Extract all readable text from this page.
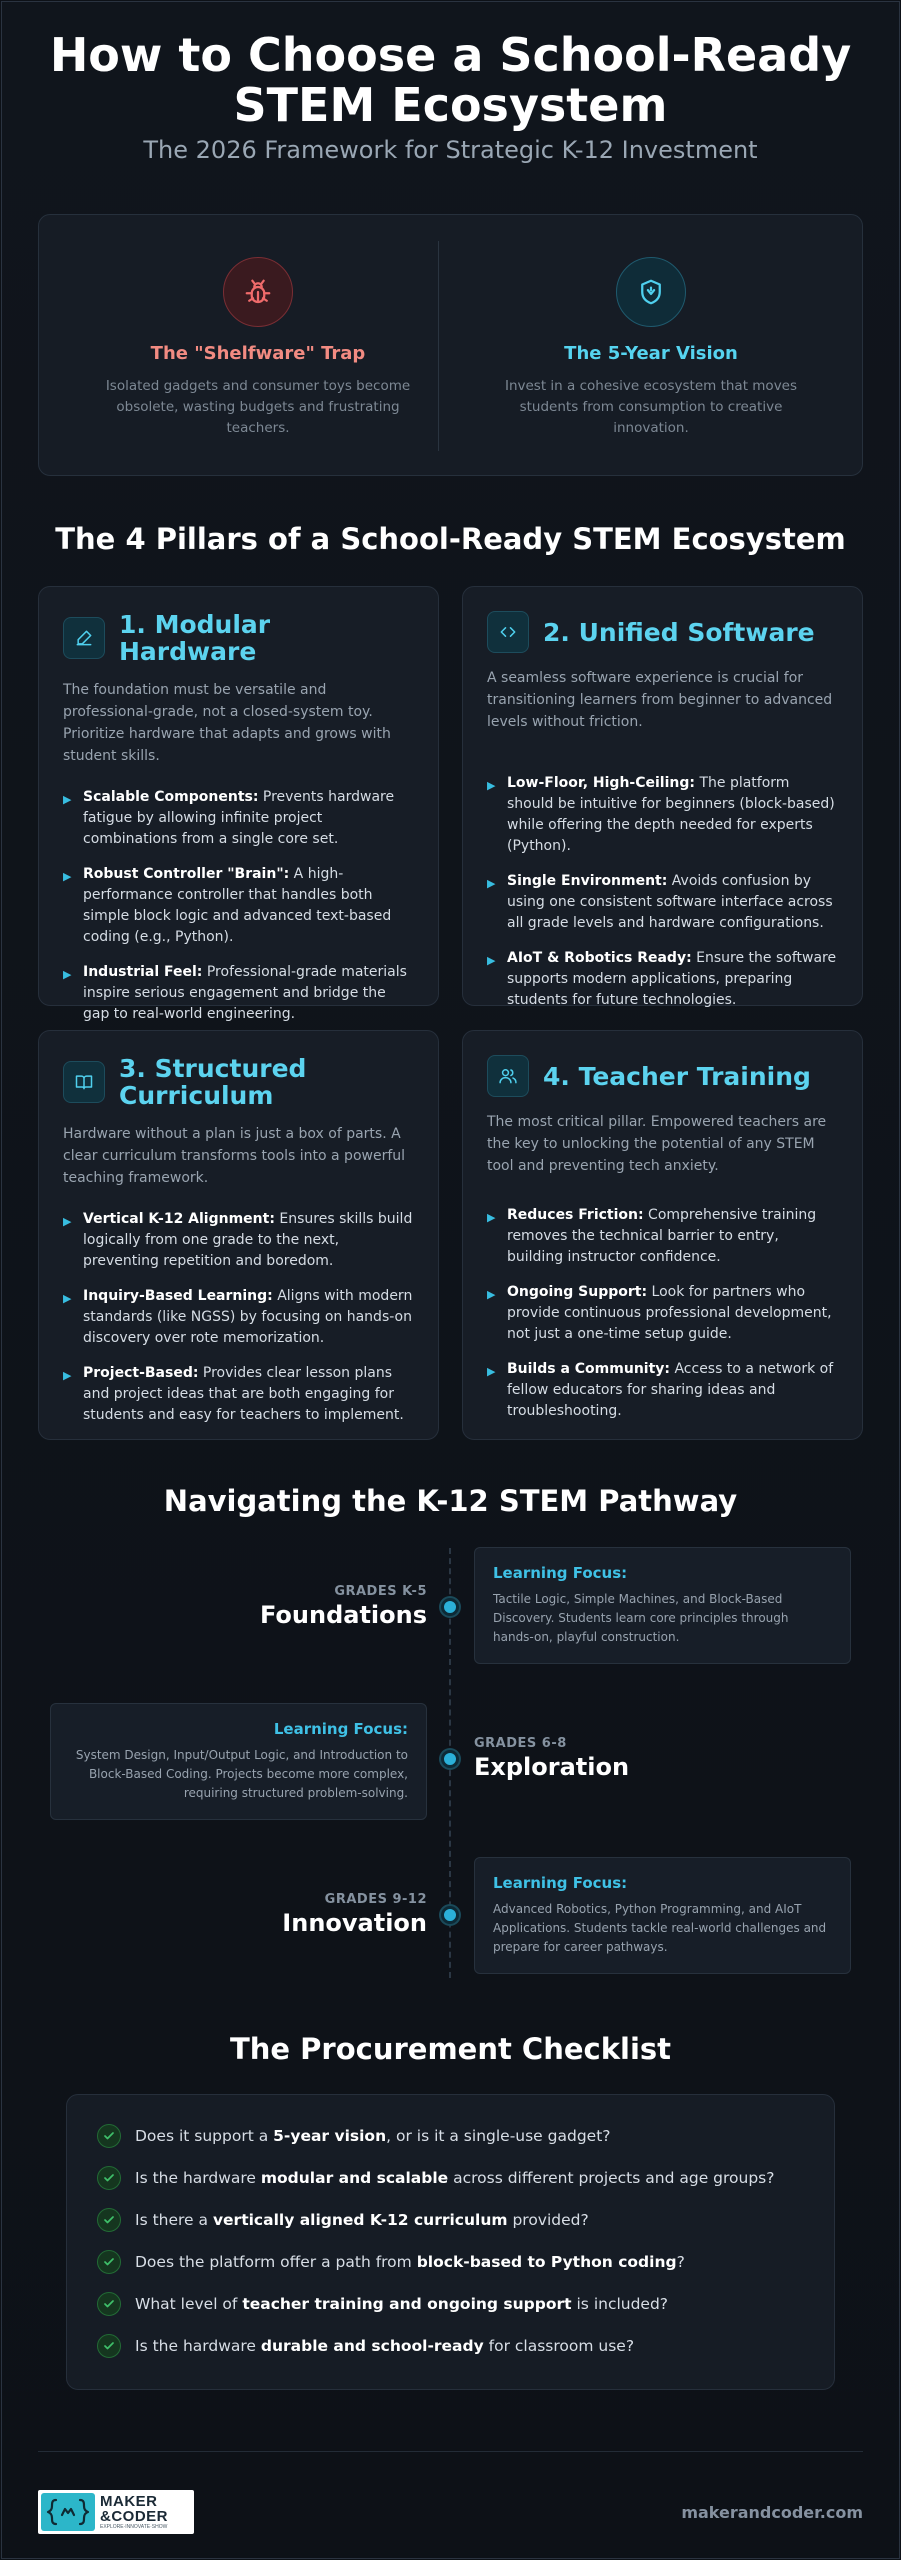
How to Choose a School-Ready
STEM Ecosystem
The 2026 Framework for Strategic K-12 Investment
The "Shelfware" Trap

Isolated gadgets and consumer toys become obsolete, wasting budgets and frustrating teachers.

The 5-Year Vision

Invest in a cohesive ecosystem that moves students from consumption to creative innovation.

The 4 Pillars of a School-Ready STEM Ecosystem
1. Modular Hardware
The foundation must be versatile and professional-grade, not a closed-system toy. Prioritize hardware that adapts and grows with student skills.
▶ Scalable Components: Prevents hardware fatigue by allowing infinite project combinations from a single core set.
▶ Robust Controller "Brain": A high-performance controller that handles both simple block logic and advanced text-based coding (e.g., Python).
▶ Industrial Feel: Professional-grade materials inspire serious engagement and bridge the gap to real-world engineering.
2. Unified Software
A seamless software experience is crucial for transitioning learners from beginner to advanced levels without friction.
▶ Low-Floor, High-Ceiling: The platform should be intuitive for beginners (block-based) while offering the depth needed for experts (Python).
▶ Single Environment: Avoids confusion by using one consistent software interface across all grade levels and hardware configurations.
▶ AIoT & Robotics Ready: Ensure the software supports modern applications, preparing students for future technologies.
3. Structured Curriculum
Hardware without a plan is just a box of parts. A clear curriculum transforms tools into a powerful teaching framework.
▶ Vertical K-12 Alignment: Ensures skills build logically from one grade to the next, preventing repetition and boredom.
▶ Inquiry-Based Learning: Aligns with modern standards (like NGSS) by focusing on hands-on discovery over rote memorization.
▶ Project-Based: Provides clear lesson plans and project ideas that are both engaging for students and easy for teachers to implement.
4. Teacher Training
The most critical pillar. Empowered teachers are the key to unlocking the potential of any STEM tool and preventing tech anxiety.
▶ Reduces Friction: Comprehensive training removes the technical barrier to entry, building instructor confidence.
▶ Ongoing Support: Look for partners who provide continuous professional development, not just a one-time setup guide.
▶ Builds a Community: Access to a network of fellow educators for sharing ideas and troubleshooting.
Navigating the K-12 STEM Pathway
GRADES K-5
Foundations
Learning Focus:
Tactile Logic, Simple Machines, and Block-Based Discovery. Students learn core principles through hands-on, playful construction.
GRADES 6-8
Exploration
Learning Focus:
System Design, Input/Output Logic, and Introduction to Block-Based Coding. Projects become more complex, requiring structured problem-solving.
GRADES 9-12
Innovation
Learning Focus:
Advanced Robotics, Python Programming, and AIoT Applications. Students tackle real-world challenges and prepare for career pathways.
The Procurement Checklist
Does it support a 5-year vision, or is it a single-use gadget?
Is the hardware modular and scalable across different projects and age groups?
Is there a vertically aligned K-12 curriculum provided?
Does the platform offer a path from block-based to Python coding?
What level of teacher training and ongoing support is included?
Is the hardware durable and school-ready for classroom use?
MAKER
&CODER
EXPLORE·INNOVATE·SHOW
makerandcoder.com
